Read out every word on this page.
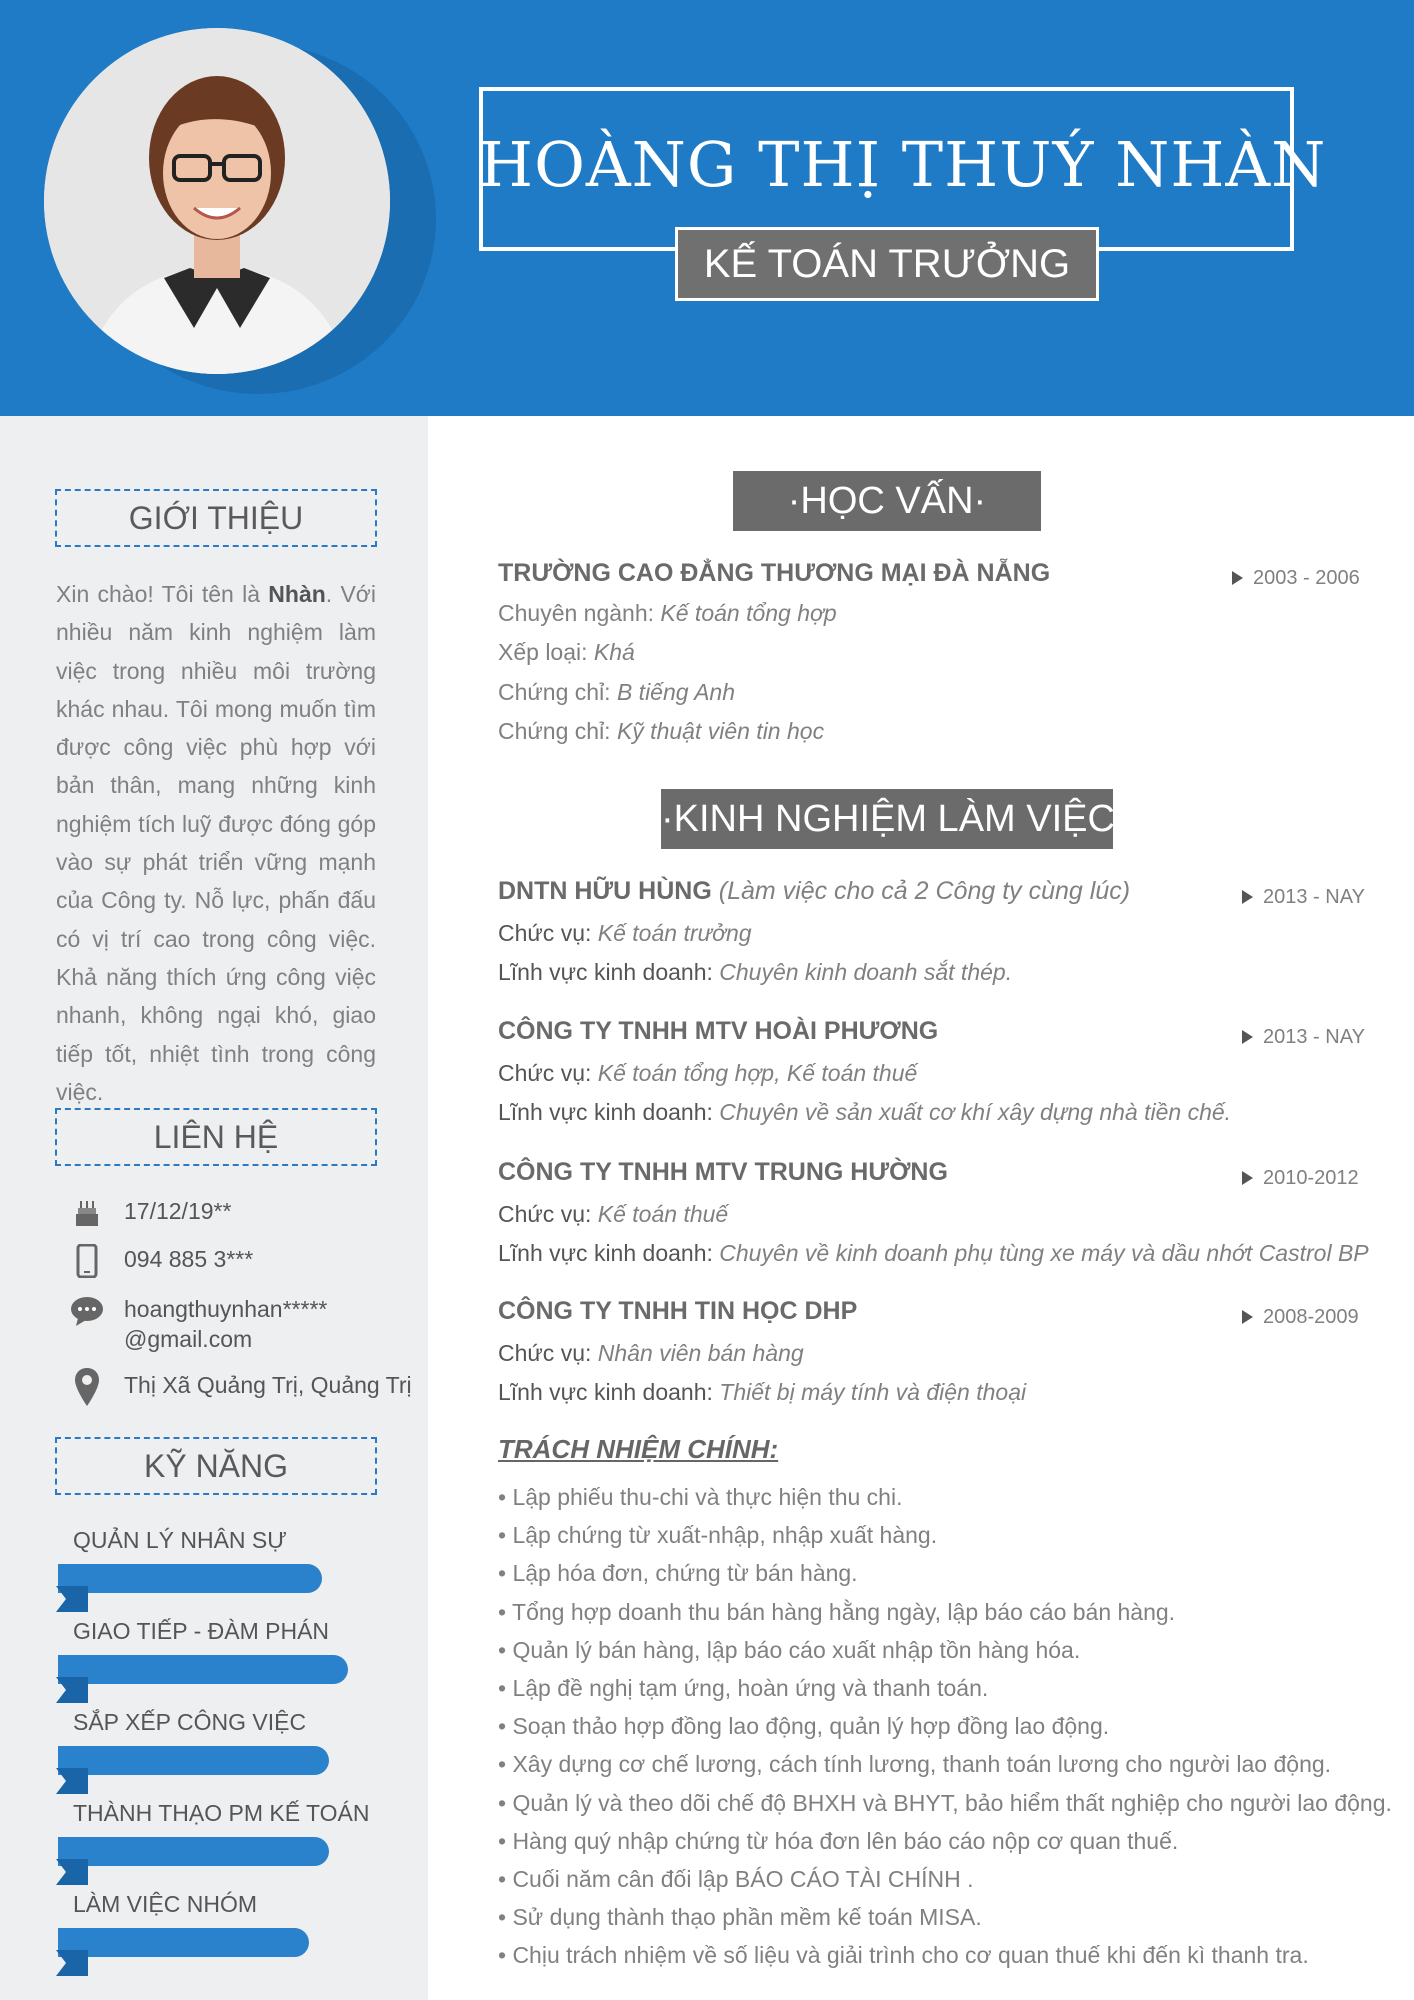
HOÀNG THỊ THUÝ NHÀN
KẾ TOÁN TRƯỞNG
GIỚI THIỆU
Xin chào! Tôi tên là Nhàn. Với nhiều năm kinh nghiệm làm việc trong nhiều môi trường khác nhau. Tôi mong muốn tìm được công việc phù hợp với bản thân, mang những kinh nghiệm tích luỹ được đóng góp vào sự phát triển vững mạnh của Công ty. Nỗ lực, phấn đấu có vị trí cao trong công việc. Khả năng thích ứng công việc nhanh, không ngại khó, giao tiếp tốt, nhiệt tình trong công việc.
LIÊN HỆ
17/12/19**
094 885 3***
hoangthuynhan*****
@gmail.com
Thị Xã Quảng Trị, Quảng Trị
KỸ NĂNG
QUẢN LÝ NHÂN SỰ
GIAO TIẾP - ĐÀM PHÁN
SẮP XẾP CÔNG VIỆC
THÀNH THẠO PM KẾ TOÁN
LÀM VIỆC NHÓM
·HỌC VẤN·
TRƯỜNG CAO ĐẲNG THƯƠNG MẠI ĐÀ NẴNG	2003 - 2006
Chuyên ngành: Kế toán tổng hợp
Xếp loại: Khá
Chứng chỉ: B tiếng Anh
Chứng chỉ: Kỹ thuật viên tin học
·KINH NGHIỆM LÀM VIỆC·
DNTN HỮU HÙNG (Làm việc cho cả 2 Công ty cùng lúc)	2013 - NAY
Chức vụ: Kế toán trưởng
Lĩnh vực kinh doanh: Chuyên kinh doanh sắt thép.
CÔNG TY TNHH MTV HOÀI PHƯƠNG	2013 - NAY
Chức vụ: Kế toán tổng hợp, Kế toán thuế
Lĩnh vực kinh doanh: Chuyên về sản xuất cơ khí xây dựng nhà tiền chế.
CÔNG TY TNHH MTV TRUNG HƯỜNG	2010-2012
Chức vụ: Kế toán thuế
Lĩnh vực kinh doanh: Chuyên về kinh doanh phụ tùng xe máy và dầu nhớt Castrol BP
CÔNG TY TNHH TIN HỌC DHP	2008-2009
Chức vụ: Nhân viên bán hàng
Lĩnh vực kinh doanh: Thiết bị máy tính và điện thoại
TRÁCH NHIỆM CHÍNH:
• Lập phiếu thu-chi và thực hiện thu chi.
• Lập chứng từ xuất-nhập, nhập xuất hàng.
• Lập hóa đơn, chứng từ bán hàng.
• Tổng hợp doanh thu bán hàng hằng ngày, lập báo cáo bán hàng.
• Quản lý bán hàng, lập báo cáo xuất nhập tồn hàng hóa.
• Lập đề nghị tạm ứng, hoàn ứng và thanh toán.
• Soạn thảo hợp đồng lao động, quản lý hợp đồng lao động.
• Xây dựng cơ chế lương, cách tính lương, thanh toán lương cho người lao động.
• Quản lý và theo dõi chế độ BHXH và BHYT, bảo hiểm thất nghiệp cho người lao động.
• Hàng quý nhập chứng từ hóa đơn lên báo cáo nộp cơ quan thuế.
• Cuối năm cân đối lập BÁO CÁO TÀI CHÍNH .
• Sử dụng thành thạo phần mềm kế toán MISA.
• Chịu trách nhiệm về số liệu và giải trình cho cơ quan thuế khi đến kì thanh tra.
